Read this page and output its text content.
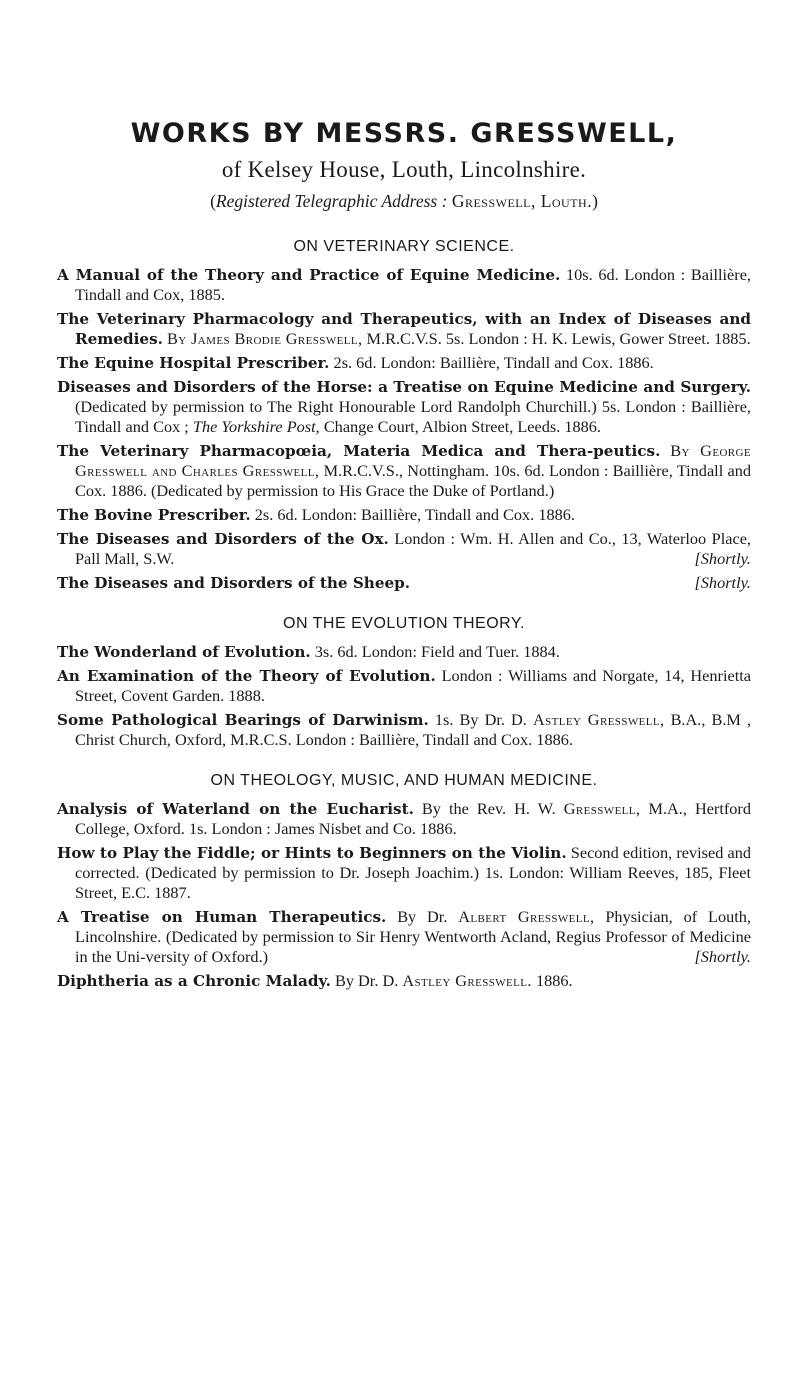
WORKS BY MESSRS. GRESSWELL,
of Kelsey House, Louth, Lincolnshire.
(Registered Telegraphic Address : Gresswell, Louth.)
ON VETERINARY SCIENCE.

A Manual of the Theory and Practice of Equine Medicine. 10s. 6d. London : Baillière, Tindall and Cox, 1885.

The Veterinary Pharmacology and Therapeutics, with an Index of Diseases and Remedies. By James Brodie Gresswell, M.R.C.V.S. 5s. London : H. K. Lewis, Gower Street. 1885.

The Equine Hospital Prescriber. 2s. 6d. London: Baillière, Tindall and Cox. 1886.

Diseases and Disorders of the Horse: a Treatise on Equine Medicine and Surgery. (Dedicated by permission to The Right Honourable Lord Randolph Churchill.) 5s. London : Baillière, Tindall and Cox ; The Yorkshire Post, Change Court, Albion Street, Leeds. 1886.

The Veterinary Pharmacopœia, Materia Medica and Thera-peutics. By George Gresswell and Charles Gresswell, M.R.C.V.S., Nottingham. 10s. 6d. London : Baillière, Tindall and Cox. 1886. (Dedicated by permission to His Grace the Duke of Portland.)

The Bovine Prescriber. 2s. 6d. London: Baillière, Tindall and Cox. 1886.

The Diseases and Disorders of the Ox. London : Wm. H. Allen and Co., 13, Waterloo Place, Pall Mall, S.W.	[Shortly.

The Diseases and Disorders of the Sheep.	[Shortly.

ON THE EVOLUTION THEORY.

The Wonderland of Evolution. 3s. 6d. London: Field and Tuer. 1884.

An Examination of the Theory of Evolution. London : Williams and Norgate, 14, Henrietta Street, Covent Garden. 1888.

Some Pathological Bearings of Darwinism. 1s. By Dr. D. Astley Gresswell, B.A., B.M , Christ Church, Oxford, M.R.C.S. London : Baillière, Tindall and Cox. 1886.

ON THEOLOGY, MUSIC, AND HUMAN MEDICINE.

Analysis of Waterland on the Eucharist. By the Rev. H. W. Gresswell, M.A., Hertford College, Oxford. 1s. London : James Nisbet and Co. 1886.

How to Play the Fiddle; or Hints to Beginners on the Violin. Second edition, revised and corrected. (Dedicated by permission to Dr. Joseph Joachim.) 1s. London: William Reeves, 185, Fleet Street, E.C. 1887.

A Treatise on Human Therapeutics. By Dr. Albert Gresswell, Physician, of Louth, Lincolnshire. (Dedicated by permission to Sir Henry Wentworth Acland, Regius Professor of Medicine in the Uni-versity of Oxford.)	[Shortly.

Diphtheria as a Chronic Malady. By Dr. D. Astley Gresswell. 1886.
